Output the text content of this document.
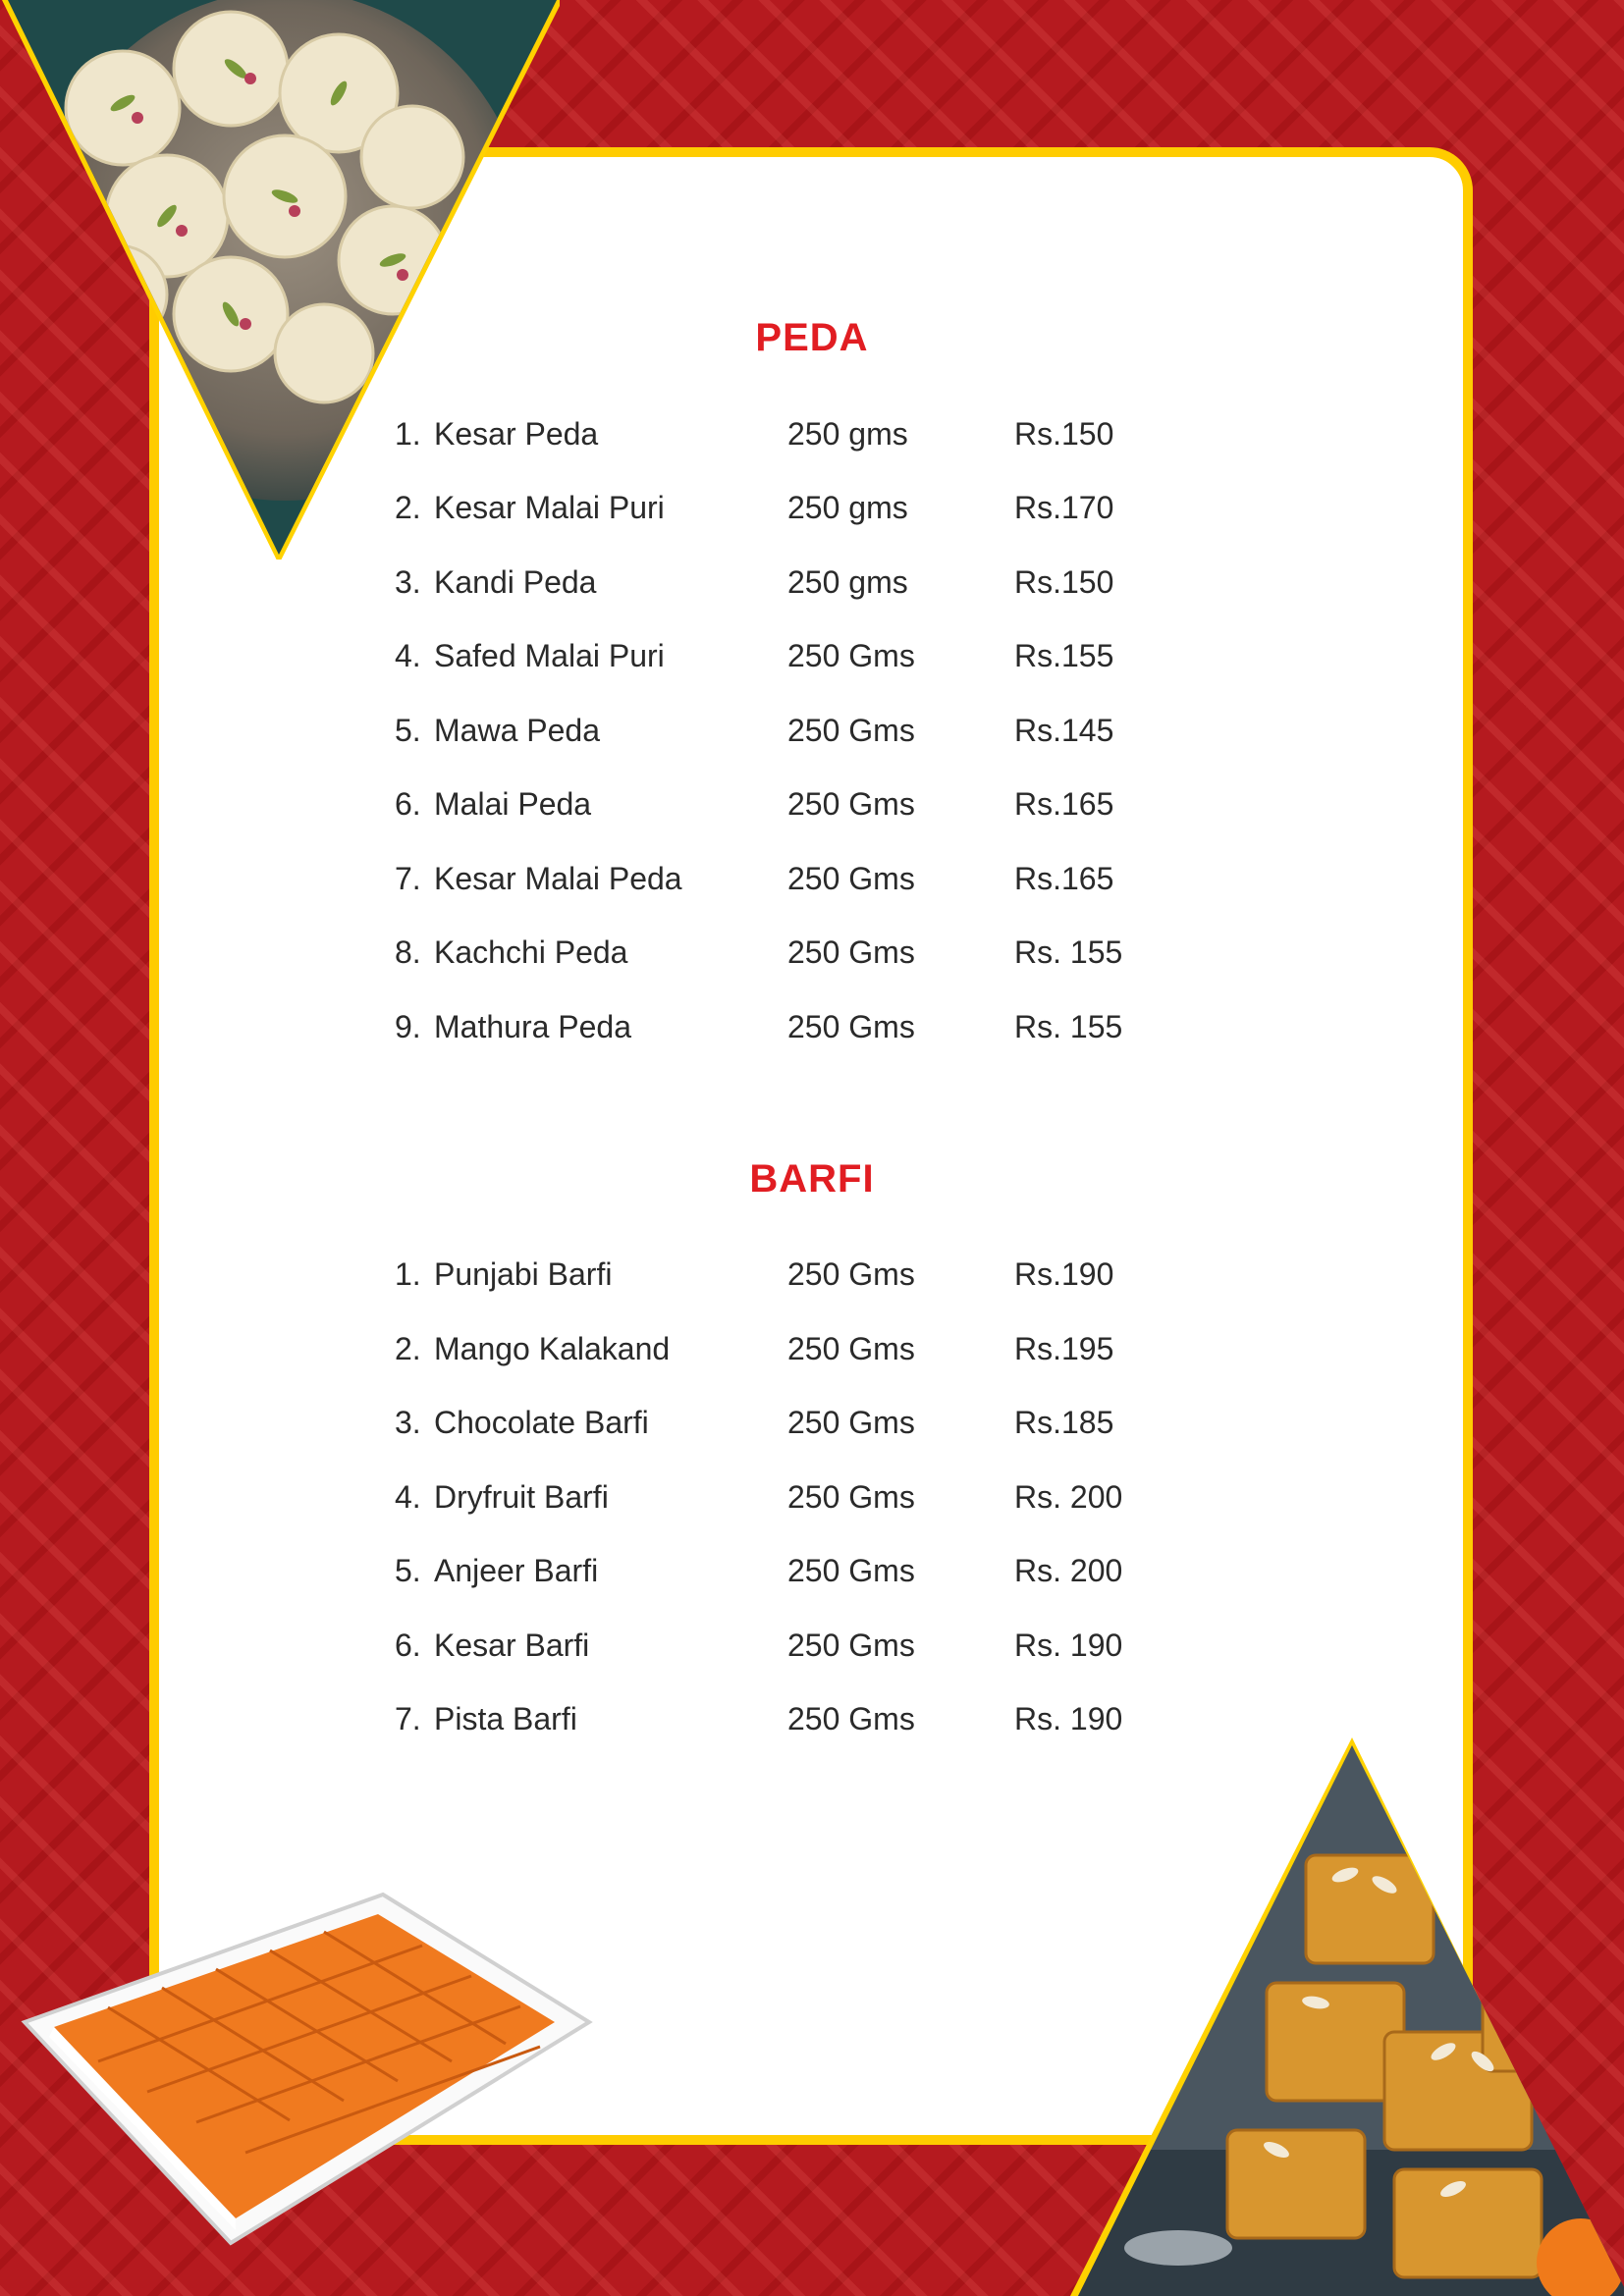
PEDA
1. Kesar Peda	250 gms	Rs.150
2. Kesar Malai Puri	250 gms	Rs.170
3. Kandi Peda	250 gms	Rs.150
4. Safed Malai Puri	250 Gms	Rs.155
5. Mawa Peda	250 Gms	Rs.145
6. Malai Peda	250 Gms	Rs.165
7. Kesar Malai Peda	250 Gms	Rs.165
8. Kachchi Peda	250 Gms	Rs. 155
9. Mathura Peda	250 Gms	Rs. 155
BARFI
1. Punjabi Barfi	250 Gms	Rs.190
2. Mango Kalakand	250 Gms	Rs.195
3. Chocolate Barfi	250 Gms	Rs.185
4. Dryfruit Barfi	250 Gms	Rs. 200
5. Anjeer Barfi	250 Gms	Rs. 200
6. Kesar Barfi	250 Gms	Rs. 190
7. Pista Barfi	250 Gms	Rs. 190
